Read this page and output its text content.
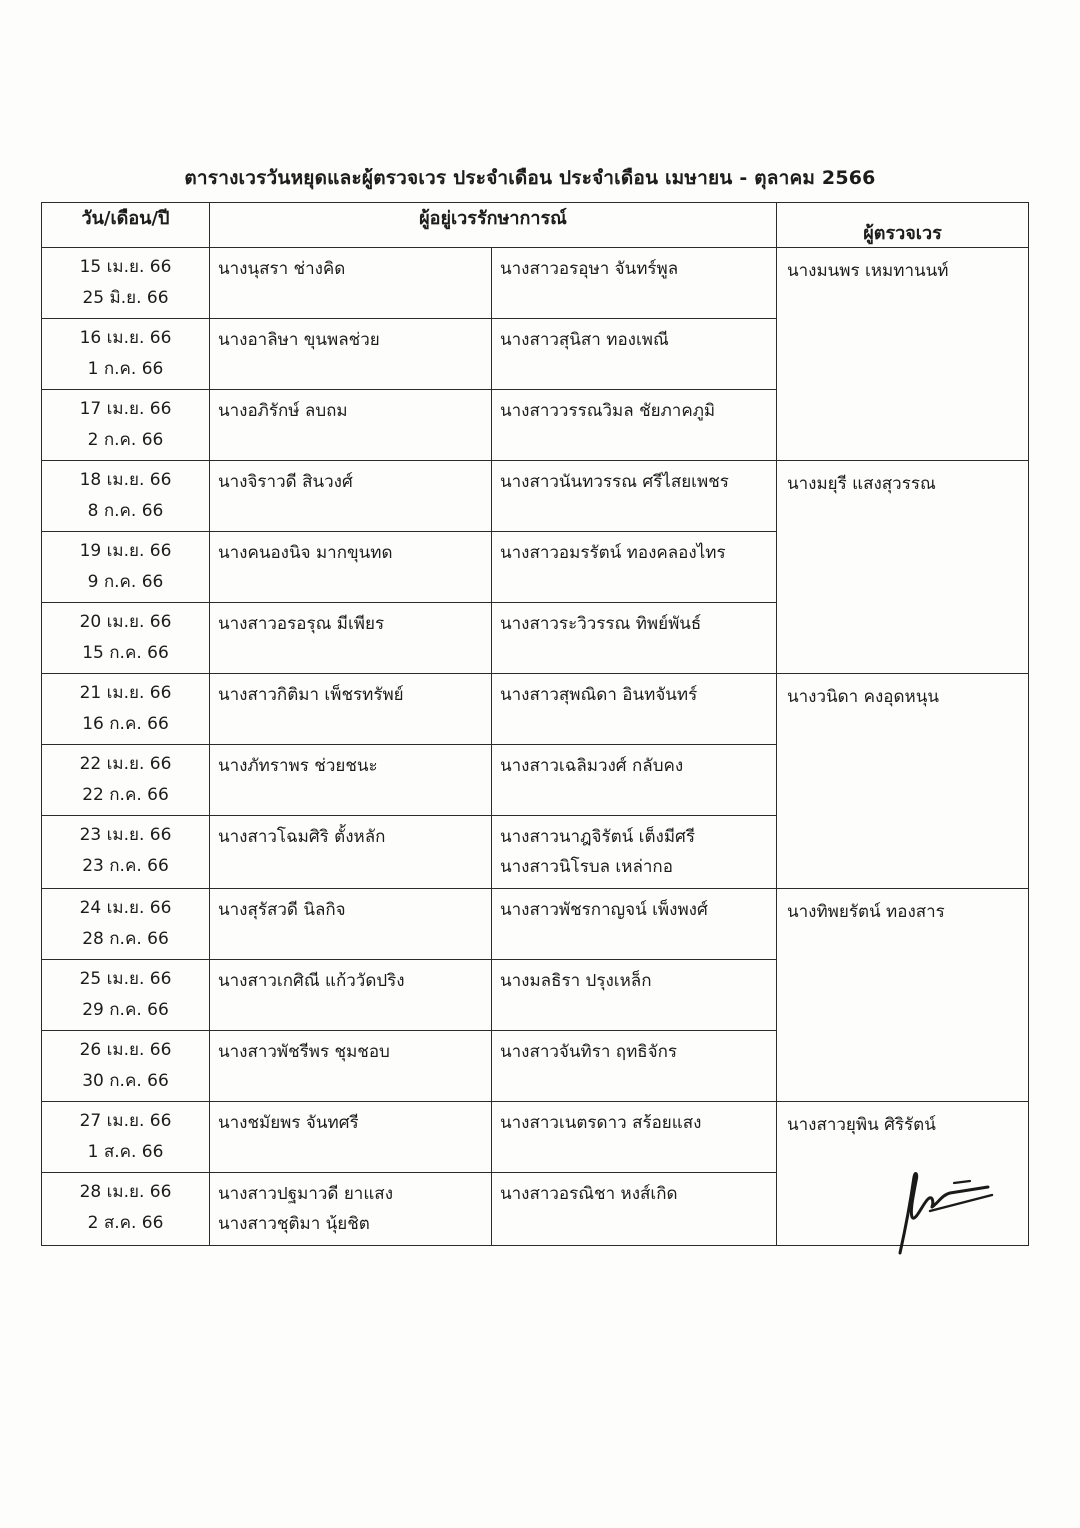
ตารางเวรวันหยุดและผู้ตรวจเวร ประจำเดือน ประจำเดือน เมษายน - ตุลาคม 2566
วัน/เดือน/ปี	ผู้อยู่เวรรักษาการณ์		ผู้ตรวจเวร

15 เม.ย. 66
25 มิ.ย. 66	นางนุสรา ช่างคิด	นางสาวอรอุษา จันทร์พูล	นางมนพร เหมทานนท์

16 เม.ย. 66
1 ก.ค. 66	นางอาลิษา ขุนพลช่วย	นางสาวสุนิสา ทองเพณี	

17 เม.ย. 66
2 ก.ค. 66	นางอภิรักษ์ ลบถม	นางสาววรรณวิมล ชัยภาคภูมิ	

18 เม.ย. 66
8 ก.ค. 66	นางจิราวดี สินวงศ์	นางสาวนันทวรรณ ศรีไสยเพชร	นางมยุรี แสงสุวรรณ

19 เม.ย. 66
9 ก.ค. 66	นางคนองนิจ มากขุนทด	นางสาวอมรรัตน์ ทองคลองไทร	

20 เม.ย. 66
15 ก.ค. 66	นางสาวอรอรุณ มีเพียร	นางสาวระวิวรรณ ทิพย์พันธ์	

21 เม.ย. 66
16 ก.ค. 66	นางสาวกิติมา เพ็ชรทรัพย์	นางสาวสุพณิดา อินทจันทร์	นางวนิดา คงอุดหนุน

22 เม.ย. 66
22 ก.ค. 66	นางภัทราพร ช่วยชนะ	นางสาวเฉลิมวงศ์ กลับคง	

23 เม.ย. 66
23 ก.ค. 66	นางสาวโฉมศิริ ตั้งหลัก	นางสาวนาฎจิรัตน์ เต็งมีศรี
นางสาวนิโรบล เหล่ากอ	

24 เม.ย. 66
28 ก.ค. 66	นางสุรัสวดี นิลกิจ	นางสาวพัชรกาญจน์ เพ็งพงศ์	นางทิพยรัตน์ ทองสาร

25 เม.ย. 66
29 ก.ค. 66	นางสาวเกศิณี แก้ววัดปริง	นางมลธิรา ปรุงเหล็ก	

26 เม.ย. 66
30 ก.ค. 66	นางสาวพัชรีพร ชุมชอบ	นางสาวจันทิรา ฤทธิจักร	

27 เม.ย. 66
1 ส.ค. 66	นางชมัยพร จันทศรี	นางสาวเนตรดาว สร้อยแสง	นางสาวยุพิน ศิริรัตน์

28 เม.ย. 66
2 ส.ค. 66	นางสาวปฐมาวดี ยาแสง
นางสาวชุติมา นุ้ยชิต	นางสาวอรณิชา หงส์เกิด	
